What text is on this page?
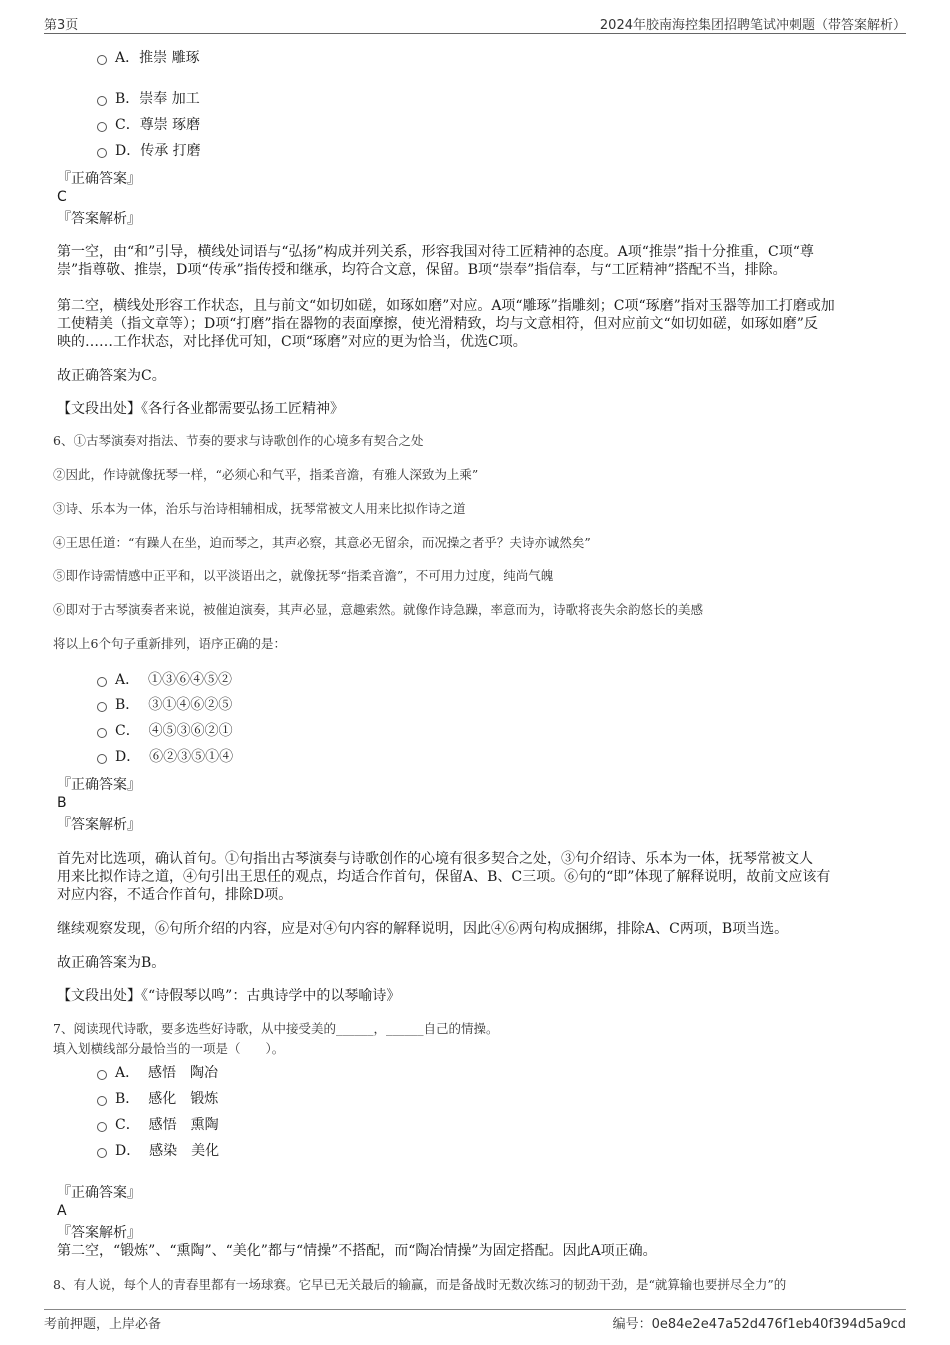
第3页	2024年胶南海控集团招聘笔试冲刺题（带答案解析）
A．推崇 雕琢
B．崇奉 加工
C．尊崇 琢磨
D．传承 打磨
『正确答案』
C
『答案解析』
第一空，由“和”引导，横线处词语与“弘扬”构成并列关系，形容我国对待工匠精神的态度。A项“推崇”指十分推重，C项“尊
崇”指尊敬、推崇，D项“传承”指传授和继承，均符合文意，保留。B项“崇奉”指信奉，与“工匠精神”搭配不当，排除。
第二空，横线处形容工作状态，且与前文“如切如磋，如琢如磨”对应。A项“雕琢”指雕刻；C项“琢磨”指对玉器等加工打磨或加
工使精美（指文章等）；D项“打磨”指在器物的表面摩擦，使光滑精致，均与文意相符，但对应前文“如切如磋，如琢如磨”反
映的……工作状态，对比择优可知，C项“琢磨”对应的更为恰当，优选C项。
故正确答案为C。
【文段出处】《各行各业都需要弘扬工匠精神》
6、①古琴演奏对指法、节奏的要求与诗歌创作的心境多有契合之处
②因此，作诗就像抚琴一样，“必须心和气平，指柔音澹，有雅人深致为上乘”
③诗、乐本为一体，治乐与治诗相辅相成，抚琴常被文人用来比拟作诗之道
④王思任道：“有躁人在坐，迫而琴之，其声必察，其意必无留余，而况操之者乎？夫诗亦诚然矣”
⑤即作诗需情感中正平和，以平淡语出之，就像抚琴“指柔音澹”，不可用力过度，纯尚气魄
⑥即对于古琴演奏者来说，被催迫演奏，其声必显，意趣索然。就像作诗急躁，率意而为，诗歌将丧失余韵悠长的美感
将以上6个句子重新排列，语序正确的是：
A． ①③⑥④⑤②
B． ③①④⑥②⑤
C． ④⑤③⑥②①
D． ⑥②③⑤①④
『正确答案』
B
『答案解析』
首先对比选项，确认首句。①句指出古琴演奏与诗歌创作的心境有很多契合之处，③句介绍诗、乐本为一体，抚琴常被文人
用来比拟作诗之道，④句引出王思任的观点，均适合作首句，保留A、B、C三项。⑥句的“即”体现了解释说明，故前文应该有
对应内容，不适合作首句，排除D项。
继续观察发现，⑥句所介绍的内容，应是对④句内容的解释说明，因此④⑥两句构成捆绑，排除A、C两项，B项当选。
故正确答案为B。
【文段出处】《“诗假琴以鸣”：古典诗学中的以琴喻诗》
7、阅读现代诗歌，要多选些好诗歌，从中接受美的______，______自己的情操。
填入划横线部分最恰当的一项是（　　）。
A． 感悟　陶冶
B． 感化　锻炼
C． 感悟　熏陶
D． 感染　美化
『正确答案』
A
『答案解析』
第二空，“锻炼”、“熏陶”、“美化”都与“情操”不搭配，而“陶冶情操”为固定搭配。因此A项正确。
8、有人说，每个人的青春里都有一场球赛。它早已无关最后的输赢，而是备战时无数次练习的韧劲干劲，是“就算输也要拼尽全力”的
考前押题，上岸必备	编号：0e84e2e47a52d476f1eb40f394d5a9cd
